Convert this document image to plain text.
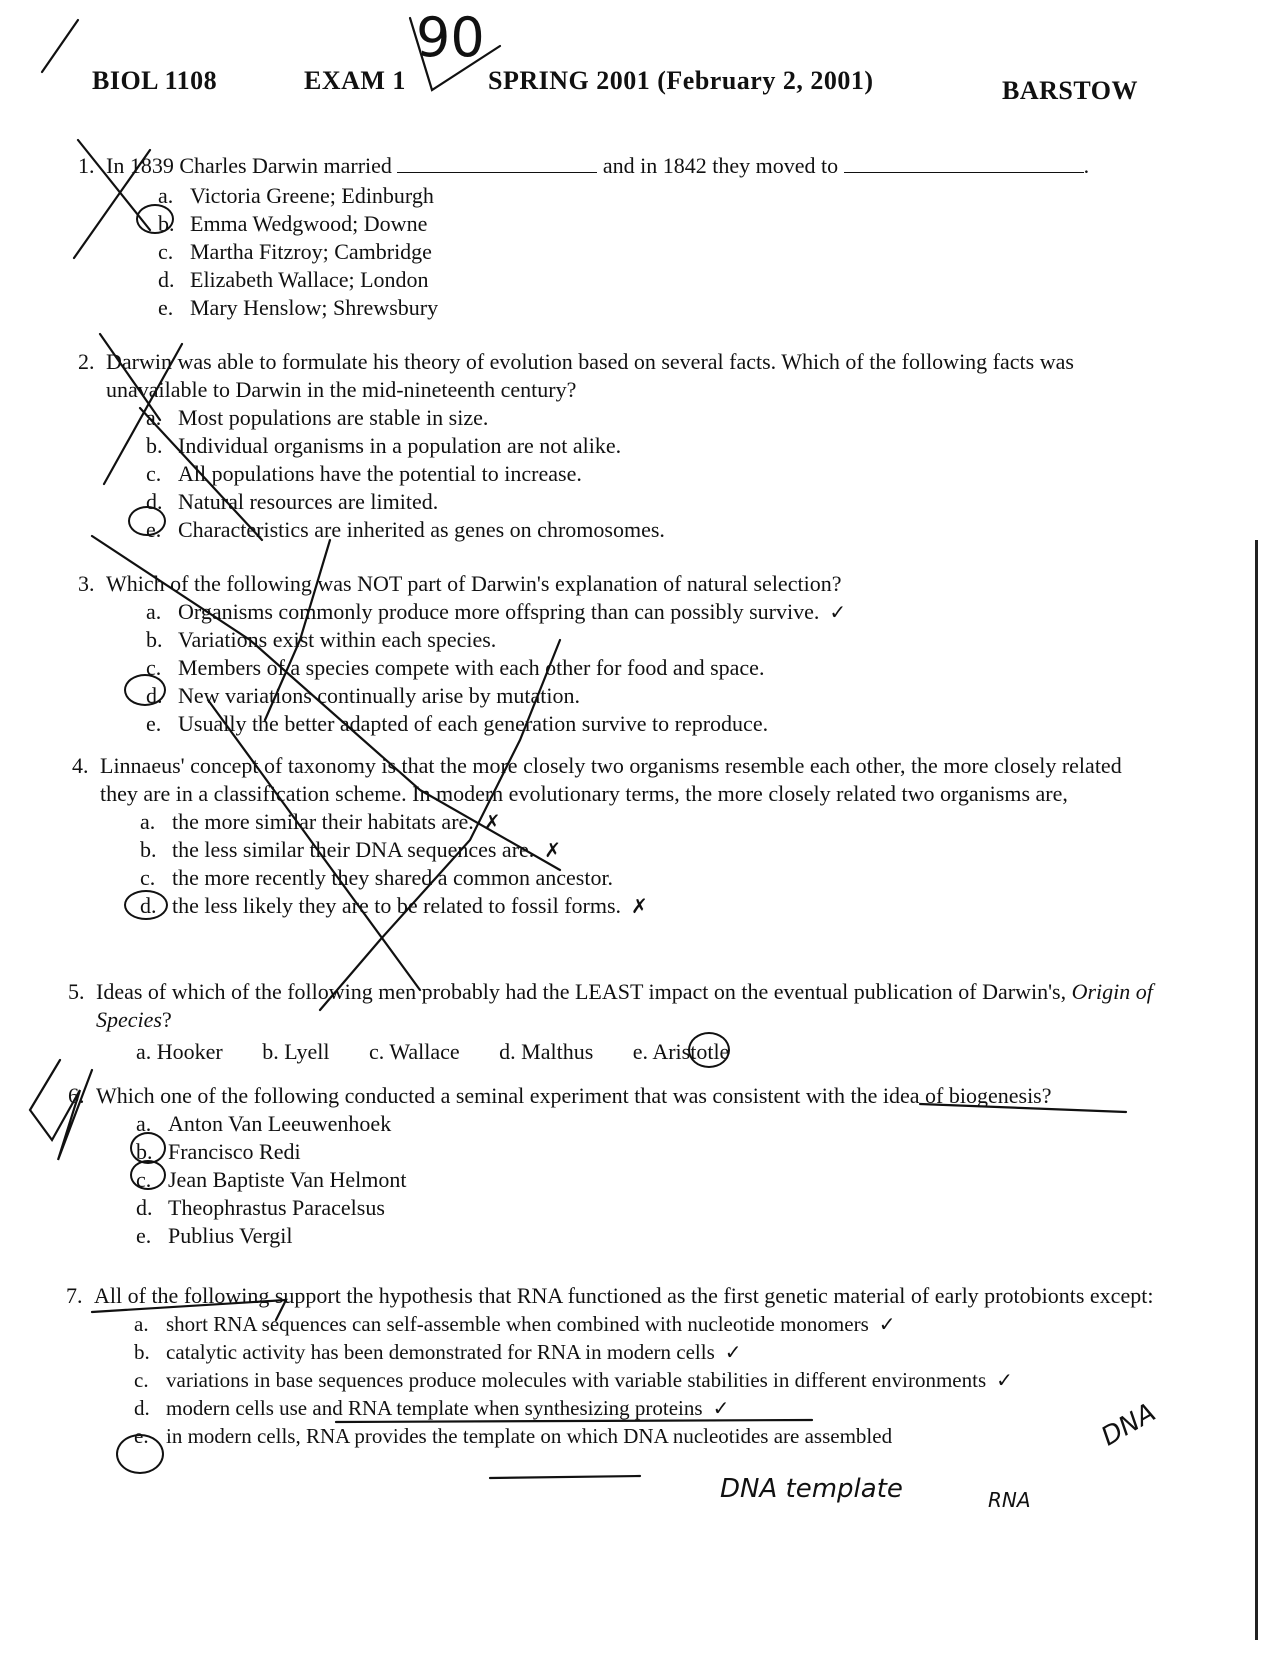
BIOL 1108	EXAM 1	SPRING 2001 (February 2, 2001)	BARSTOW
90
1. In 1839 Charles Darwin married	and in 1842 they moved to	.
a. Victoria Greene; Edinburgh
b. Emma Wedgwood; Downe
c. Martha Fitzroy; Cambridge
d. Elizabeth Wallace; London
e. Mary Henslow; Shrewsbury
2. Darwin was able to formulate his theory of evolution based on several facts. Which of the following facts was unavailable to Darwin in the mid-nineteenth century?
a. Most populations are stable in size.
b. Individual organisms in a population are not alike.
c. All populations have the potential to increase.
d. Natural resources are limited.
e. Characteristics are inherited as genes on chromosomes.
3. Which of the following was NOT part of Darwin's explanation of natural selection?
a. Organisms commonly produce more offspring than can possibly survive. ✓
b. Variations exist within each species.
c. Members of a species compete with each other for food and space.
d. New variations continually arise by mutation.
e. Usually the better adapted of each generation survive to reproduce.
4. Linnaeus' concept of taxonomy is that the more closely two organisms resemble each other, the more closely related they are in a classification scheme. In modern evolutionary terms, the more closely related two organisms are,
a. the more similar their habitats are. ✗
b. the less similar their DNA sequences are. ✗
c. the more recently they shared a common ancestor.
d. the less likely they are to be related to fossil forms. ✗
5. Ideas of which of the following men probably had the LEAST impact on the eventual publication of Darwin's, Origin of Species?
a. Hooker b. Lyell c. Wallace d. Malthus e. Aristotle
6. Which one of the following conducted a seminal experiment that was consistent with the idea of biogenesis?
a. Anton Van Leeuwenhoek
b. Francisco Redi
c. Jean Baptiste Van Helmont
d. Theophrastus Paracelsus
e. Publius Vergil
7. All of the following support the hypothesis that RNA functioned as the first genetic material of early protobionts except:
a. short RNA sequences can self-assemble when combined with nucleotide monomers ✓
b. catalytic activity has been demonstrated for RNA in modern cells ✓
c. variations in base sequences produce molecules with variable stabilities in different environments ✓
d. modern cells use and RNA template when synthesizing proteins ✓
e. in modern cells, RNA provides the template on which DNA nucleotides are assembled
DNA template	RNA
DNA
